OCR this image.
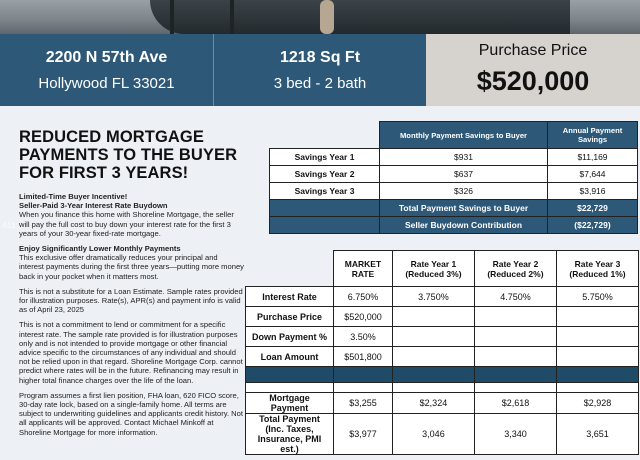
2200 N 57th Ave
Hollywood FL 33021
1218 Sq Ft
3 bed - 2 bath
Purchase Price
$520,000
A11
REDUCED MORTGAGE PAYMENTS TO THE BUYER FOR FIRST 3 YEARS!
Limited-Time Buyer Incentive!
Seller-Paid 3-Year Interest Rate Buydown
When you finance this home with Shoreline Mortgage, the seller will pay the full cost to buy down your interest rate for the first 3 years of your 30-year fixed-rate mortgage.
Enjoy Significantly Lower Monthly Payments
This exclusive offer dramatically reduces your principal and interest payments during the first three years—putting more money back in your pocket when it matters most.
This is not a substitute for a Loan Estimate. Sample rates provided for illustration purposes. Rate(s), APR(s) and payment info is valid as of April 23, 2025
This is not a commitment to lend or commitment for a specific interest rate. The sample rate provided is for illustration purposes only and is not intended to provide mortgage or other financial advice specific to the circumstances of any individual and should not be relied upon in that regard. Shoreline Mortgage Corp. cannot predict where rates will be in the future. Refinancing may result in higher total finance charges over the life of the loan.
Program assumes a first lien position, FHA loan, 620 FICO score, 30-day rate lock, based on a single-family home. All terms are subject to underwriting guidelines and applicants credit history. Not all applicants will be approved. Contact Michael Minkoff at Shoreline Mortgage for more information.
	Monthly Payment Savings to Buyer	Annual Payment Savings
Savings Year 1	$931	$11,169
Savings Year 2	$637	$7,644
Savings Year 3	$326	$3,916
	Total Payment Savings to Buyer	$22,729
	Seller Buydown Contribution	($22,729)
	MARKET RATE	Rate Year 1 (Reduced 3%)	Rate Year 2 (Reduced 2%)	Rate Year 3 (Reduced 1%)
Interest Rate	6.750%	3.750%	4.750%	5.750%
Purchase Price	$520,000			
Down Payment %	3.50%			
Loan Amount	$501,800			

Mortgage Payment	$3,255	$2,324	$2,618	$2,928
Total Payment (Inc. Taxes, Insurance, PMI est.)	$3,977	3,046	3,340	3,651
